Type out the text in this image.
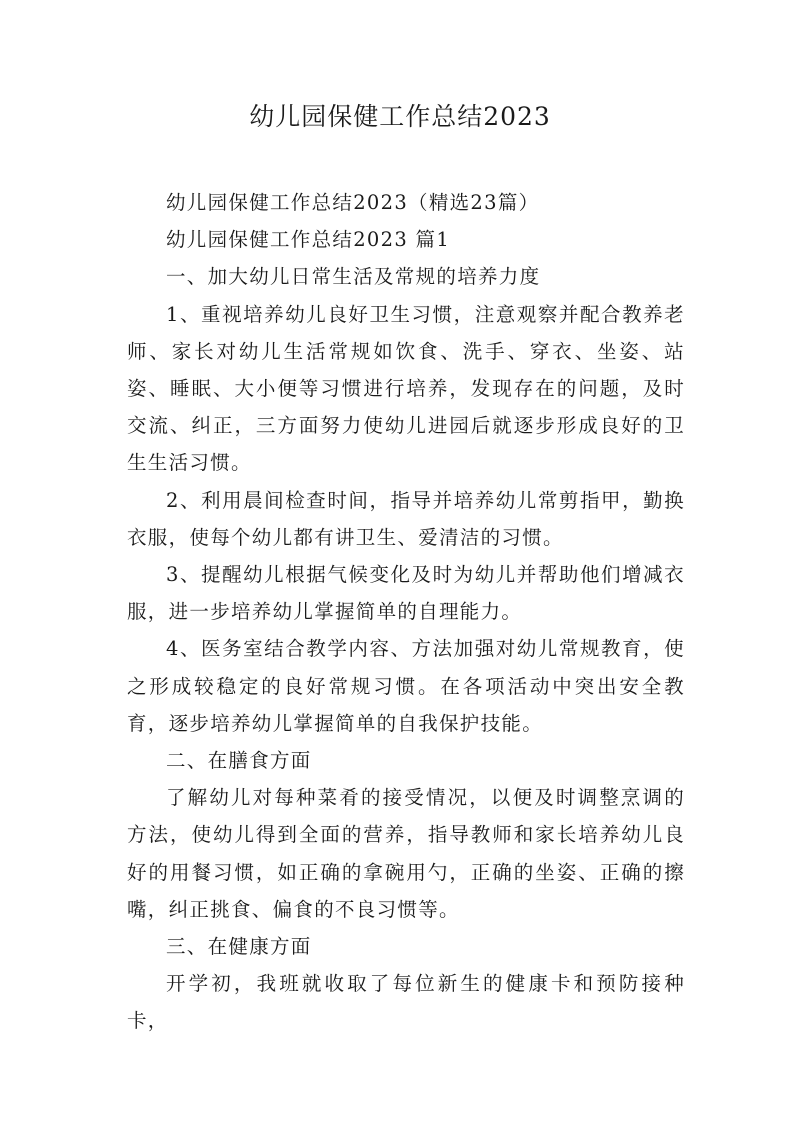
幼儿园保健工作总结2023

幼儿园保健工作总结2023（精选23篇）

幼儿园保健工作总结2023 篇1

一、加大幼儿日常生活及常规的培养力度

1、重视培养幼儿良好卫生习惯，注意观察并配合教养老师、家长对幼儿生活常规如饮食、洗手、穿衣、坐姿、站姿、睡眠、大小便等习惯进行培养，发现存在的问题，及时交流、纠正，三方面努力使幼儿进园后就逐步形成良好的卫生生活习惯。

2、利用晨间检查时间，指导并培养幼儿常剪指甲，勤换衣服，使每个幼儿都有讲卫生、爱清洁的习惯。

3、提醒幼儿根据气候变化及时为幼儿并帮助他们增减衣服，进一步培养幼儿掌握简单的自理能力。

4、医务室结合教学内容、方法加强对幼儿常规教育，使之形成较稳定的良好常规习惯。在各项活动中突出安全教育，逐步培养幼儿掌握简单的自我保护技能。

二、在膳食方面

了解幼儿对每种菜肴的接受情况，以便及时调整烹调的方法，使幼儿得到全面的营养，指导教师和家长培养幼儿良好的用餐习惯，如正确的拿碗用勺，正确的坐姿、正确的擦嘴，纠正挑食、偏食的不良习惯等。

三、在健康方面

开学初，我班就收取了每位新生的健康卡和预防接种卡，
